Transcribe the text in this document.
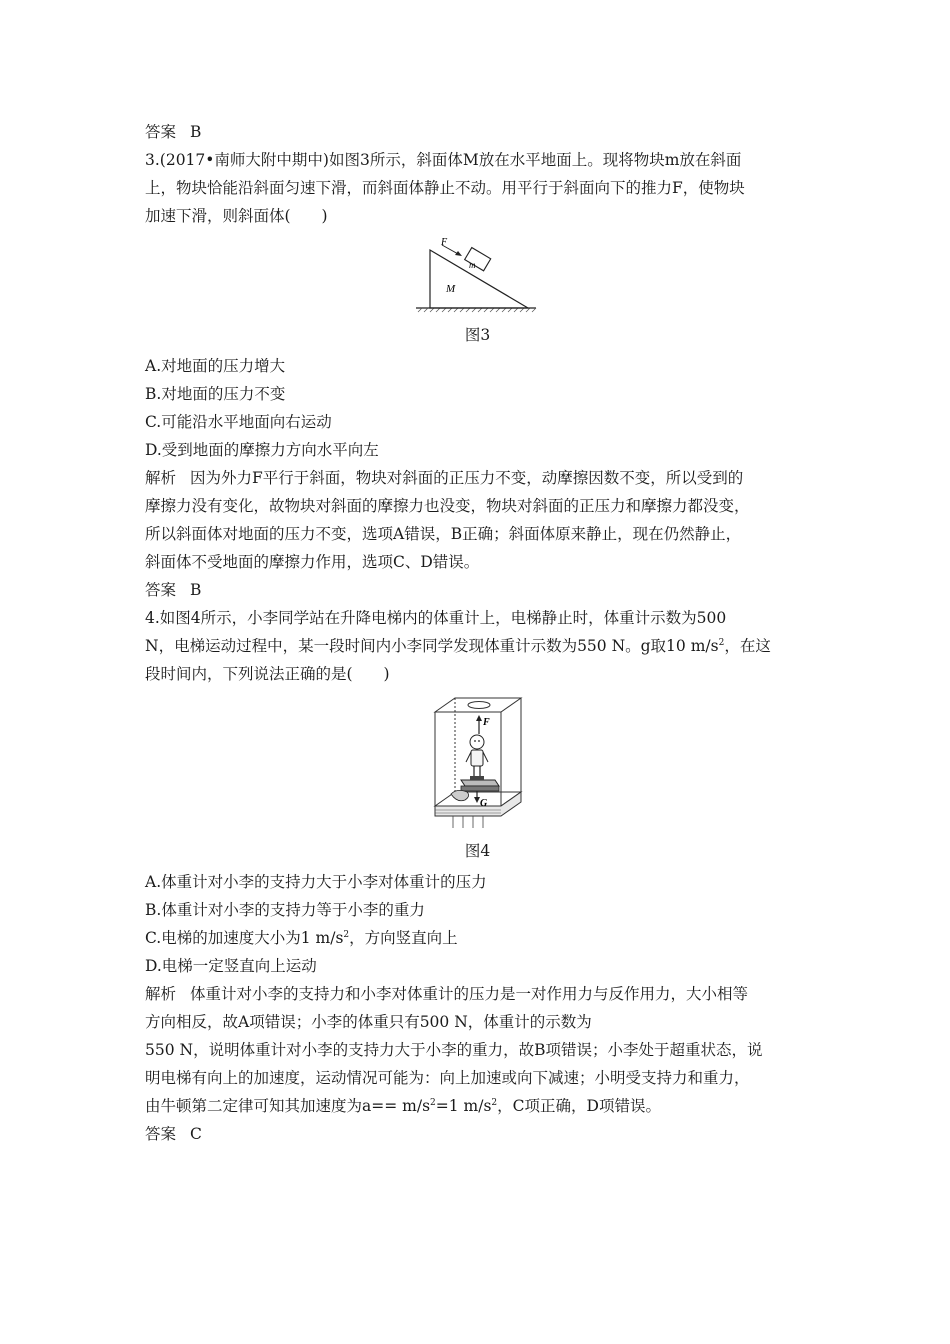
答案 B
3.(2017•南师大附中期中)如图3所示，斜面体M放在水平地面上。现将物块m放在斜面
上，物块恰能沿斜面匀速下滑，而斜面体静止不动。用平行于斜面向下的推力F，使物块
加速下滑，则斜面体(　　)
F
m
M
图3
A.对地面的压力增大
B.对地面的压力不变
C.可能沿水平地面向右运动
D.受到地面的摩擦力方向水平向左
解析 因为外力F平行于斜面，物块对斜面的正压力不变，动摩擦因数不变，所以受到的
摩擦力没有变化，故物块对斜面的摩擦力也没变，物块对斜面的正压力和摩擦力都没变，
所以斜面体对地面的压力不变，选项A错误，B正确；斜面体原来静止，现在仍然静止，
斜面体不受地面的摩擦力作用，选项C、D错误。
答案 B
4.如图4所示，小李同学站在升降电梯内的体重计上，电梯静止时，体重计示数为500
N，电梯运动过程中，某一段时间内小李同学发现体重计示数为550 N。g取10 $m/s^2$，在这
段时间内，下列说法正确的是(　　)
F
G
图4
A.体重计对小李的支持力大于小李对体重计的压力
B.体重计对小李的支持力等于小李的重力
C.电梯的加速度大小为1 $m/s^2$，方向竖直向上
D.电梯一定竖直向上运动
解析 体重计对小李的支持力和小李对体重计的压力是一对作用力与反作用力，大小相等
方向相反，故A项错误；小李的体重只有500 N，体重计的示数为
550 N，说明体重计对小李的支持力大于小李的重力，故B项错误；小李处于超重状态，说
明电梯有向上的加速度，运动情况可能为：向上加速或向下减速；小明受支持力和重力，
由牛顿第二定律可知其加速度为$a== m/s^2=1$ $m/s^2$，C项正确，D项错误。
答案 C
